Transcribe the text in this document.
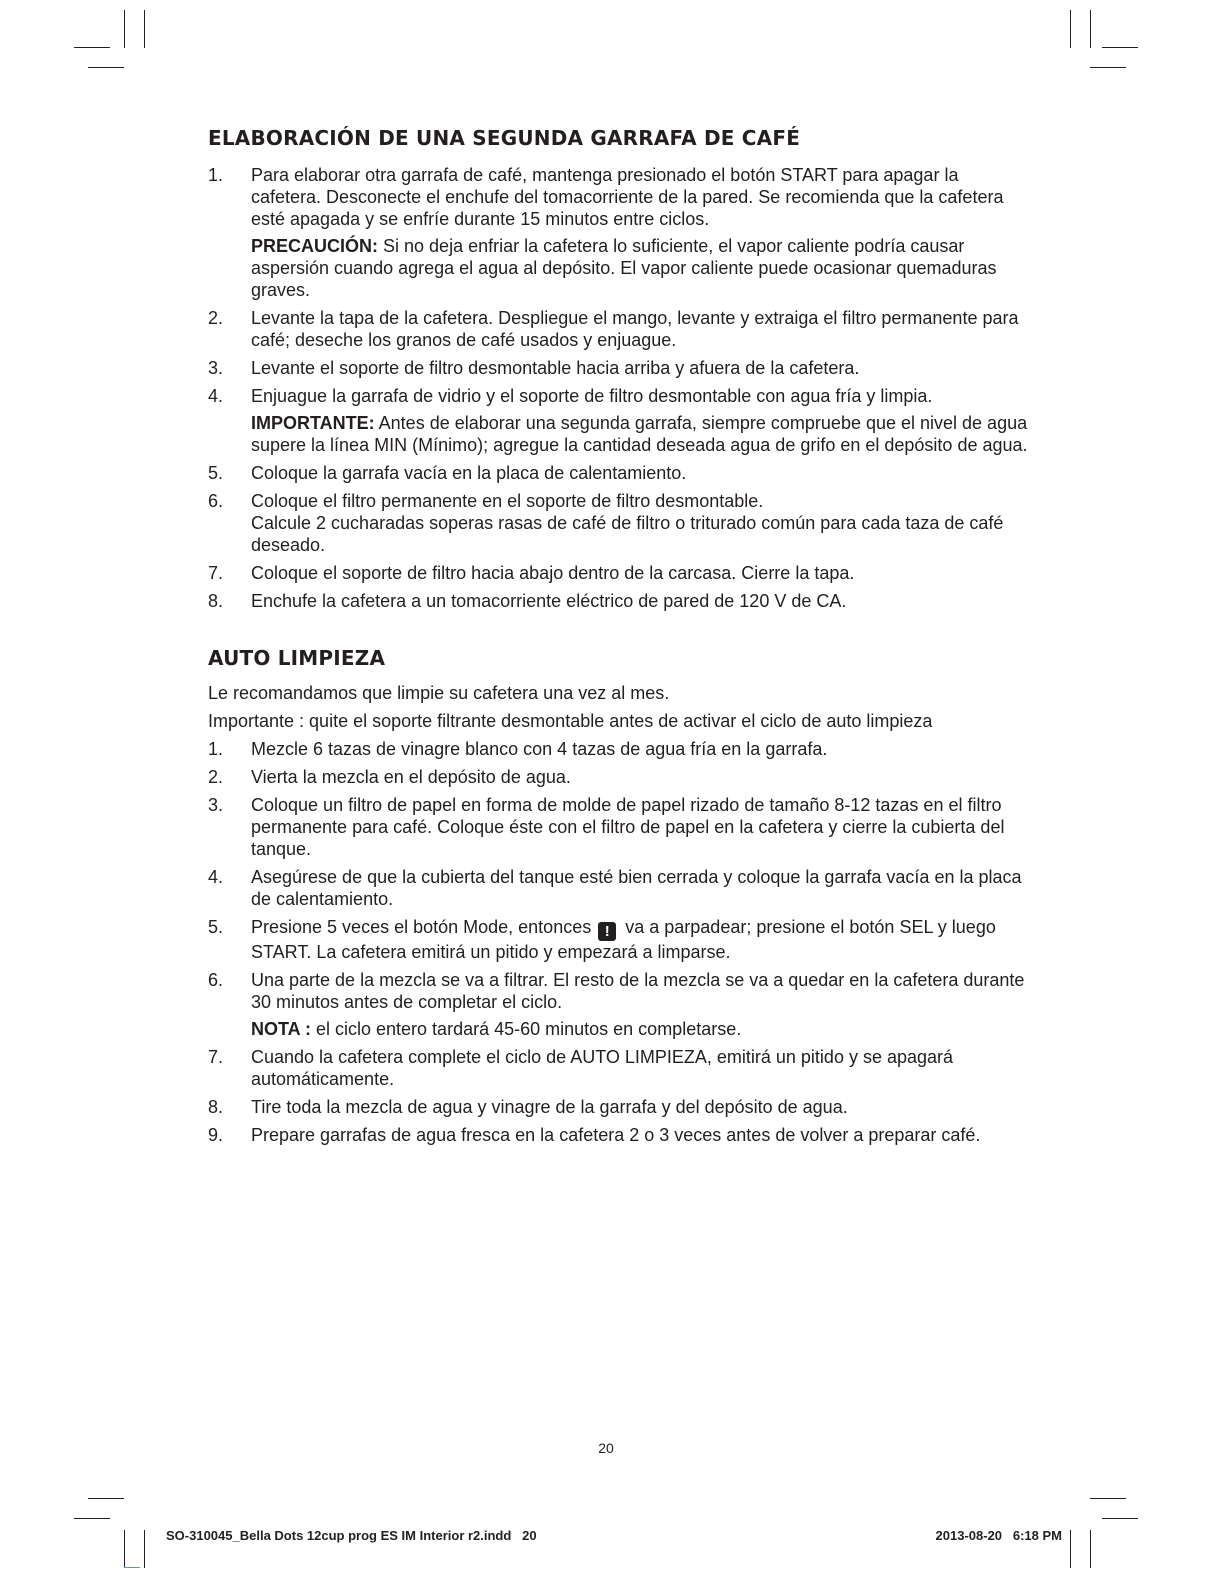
ELABORACIÓN DE UNA SEGUNDA GARRAFA DE CAFÉ
1. Para elaborar otra garrafa de café, mantenga presionado el botón START para apagar la cafetera. Desconecte el enchufe del tomacorriente de la pared. Se recomienda que la cafetera esté apagada y se enfríe durante 15 minutos entre ciclos.

PRECAUCIÓN: Si no deja enfriar la cafetera lo suficiente, el vapor caliente podría causar aspersión cuando agrega el agua al depósito. El vapor caliente puede ocasionar quemaduras graves.

2. Levante la tapa de la cafetera. Despliegue el mango, levante y extraiga el filtro permanente para café; deseche los granos de café usados y enjuague.

3. Levante el soporte de filtro desmontable hacia arriba y afuera de la cafetera.

4. Enjuague la garrafa de vidrio y el soporte de filtro desmontable con agua fría y limpia.

IMPORTANTE: Antes de elaborar una segunda garrafa, siempre compruebe que el nivel de agua supere la línea MIN (Mínimo); agregue la cantidad deseada agua de grifo en el depósito de agua.

5. Coloque la garrafa vacía en la placa de calentamiento.

6. Coloque el filtro permanente en el soporte de filtro desmontable.

Calcule 2 cucharadas soperas rasas de café de filtro o triturado común para cada taza de café deseado.

7. Coloque el soporte de filtro hacia abajo dentro de la carcasa. Cierre la tapa.

8. Enchufe la cafetera a un tomacorriente eléctrico de pared de 120 V de CA.

AUTO LIMPIEZA

Le recomandamos que limpie su cafetera una vez al mes.

Importante : quite el soporte filtrante desmontable antes de activar el ciclo de auto limpieza

1. Mezcle 6 tazas de vinagre blanco con 4 tazas de agua fría en la garrafa.

2. Vierta la mezcla en el depósito de agua.

3. Coloque un filtro de papel en forma de molde de papel rizado de tamaño 8-12 tazas en el filtro permanente para café. Coloque éste con el filtro de papel en la cafetera y cierre la cubierta del tanque.

4. Asegúrese de que la cubierta del tanque esté bien cerrada y coloque la garrafa vacía en la placa de calentamiento.

5. Presione 5 veces el botón Mode, entonces ! va a parpadear; presione el botón SEL y luego START. La cafetera emitirá un pitido y empezará a limparse.

6. Una parte de la mezcla se va a filtrar. El resto de la mezcla se va a quedar en la cafetera durante 30 minutos antes de completar el ciclo.

NOTA : el ciclo entero tardará 45-60 minutos en completarse.

7. Cuando la cafetera complete el ciclo de AUTO LIMPIEZA, emitirá un pitido y se apagará automáticamente.

8. Tire toda la mezcla de agua y vinagre de la garrafa y del depósito de agua.

9. Prepare garrafas de agua fresca en la cafetera 2 o 3 veces antes de volver a preparar café.

20
SO-310045_Bella Dots 12cup prog ES IM Interior r2.indd   20	2013-08-20   6:18 PM
